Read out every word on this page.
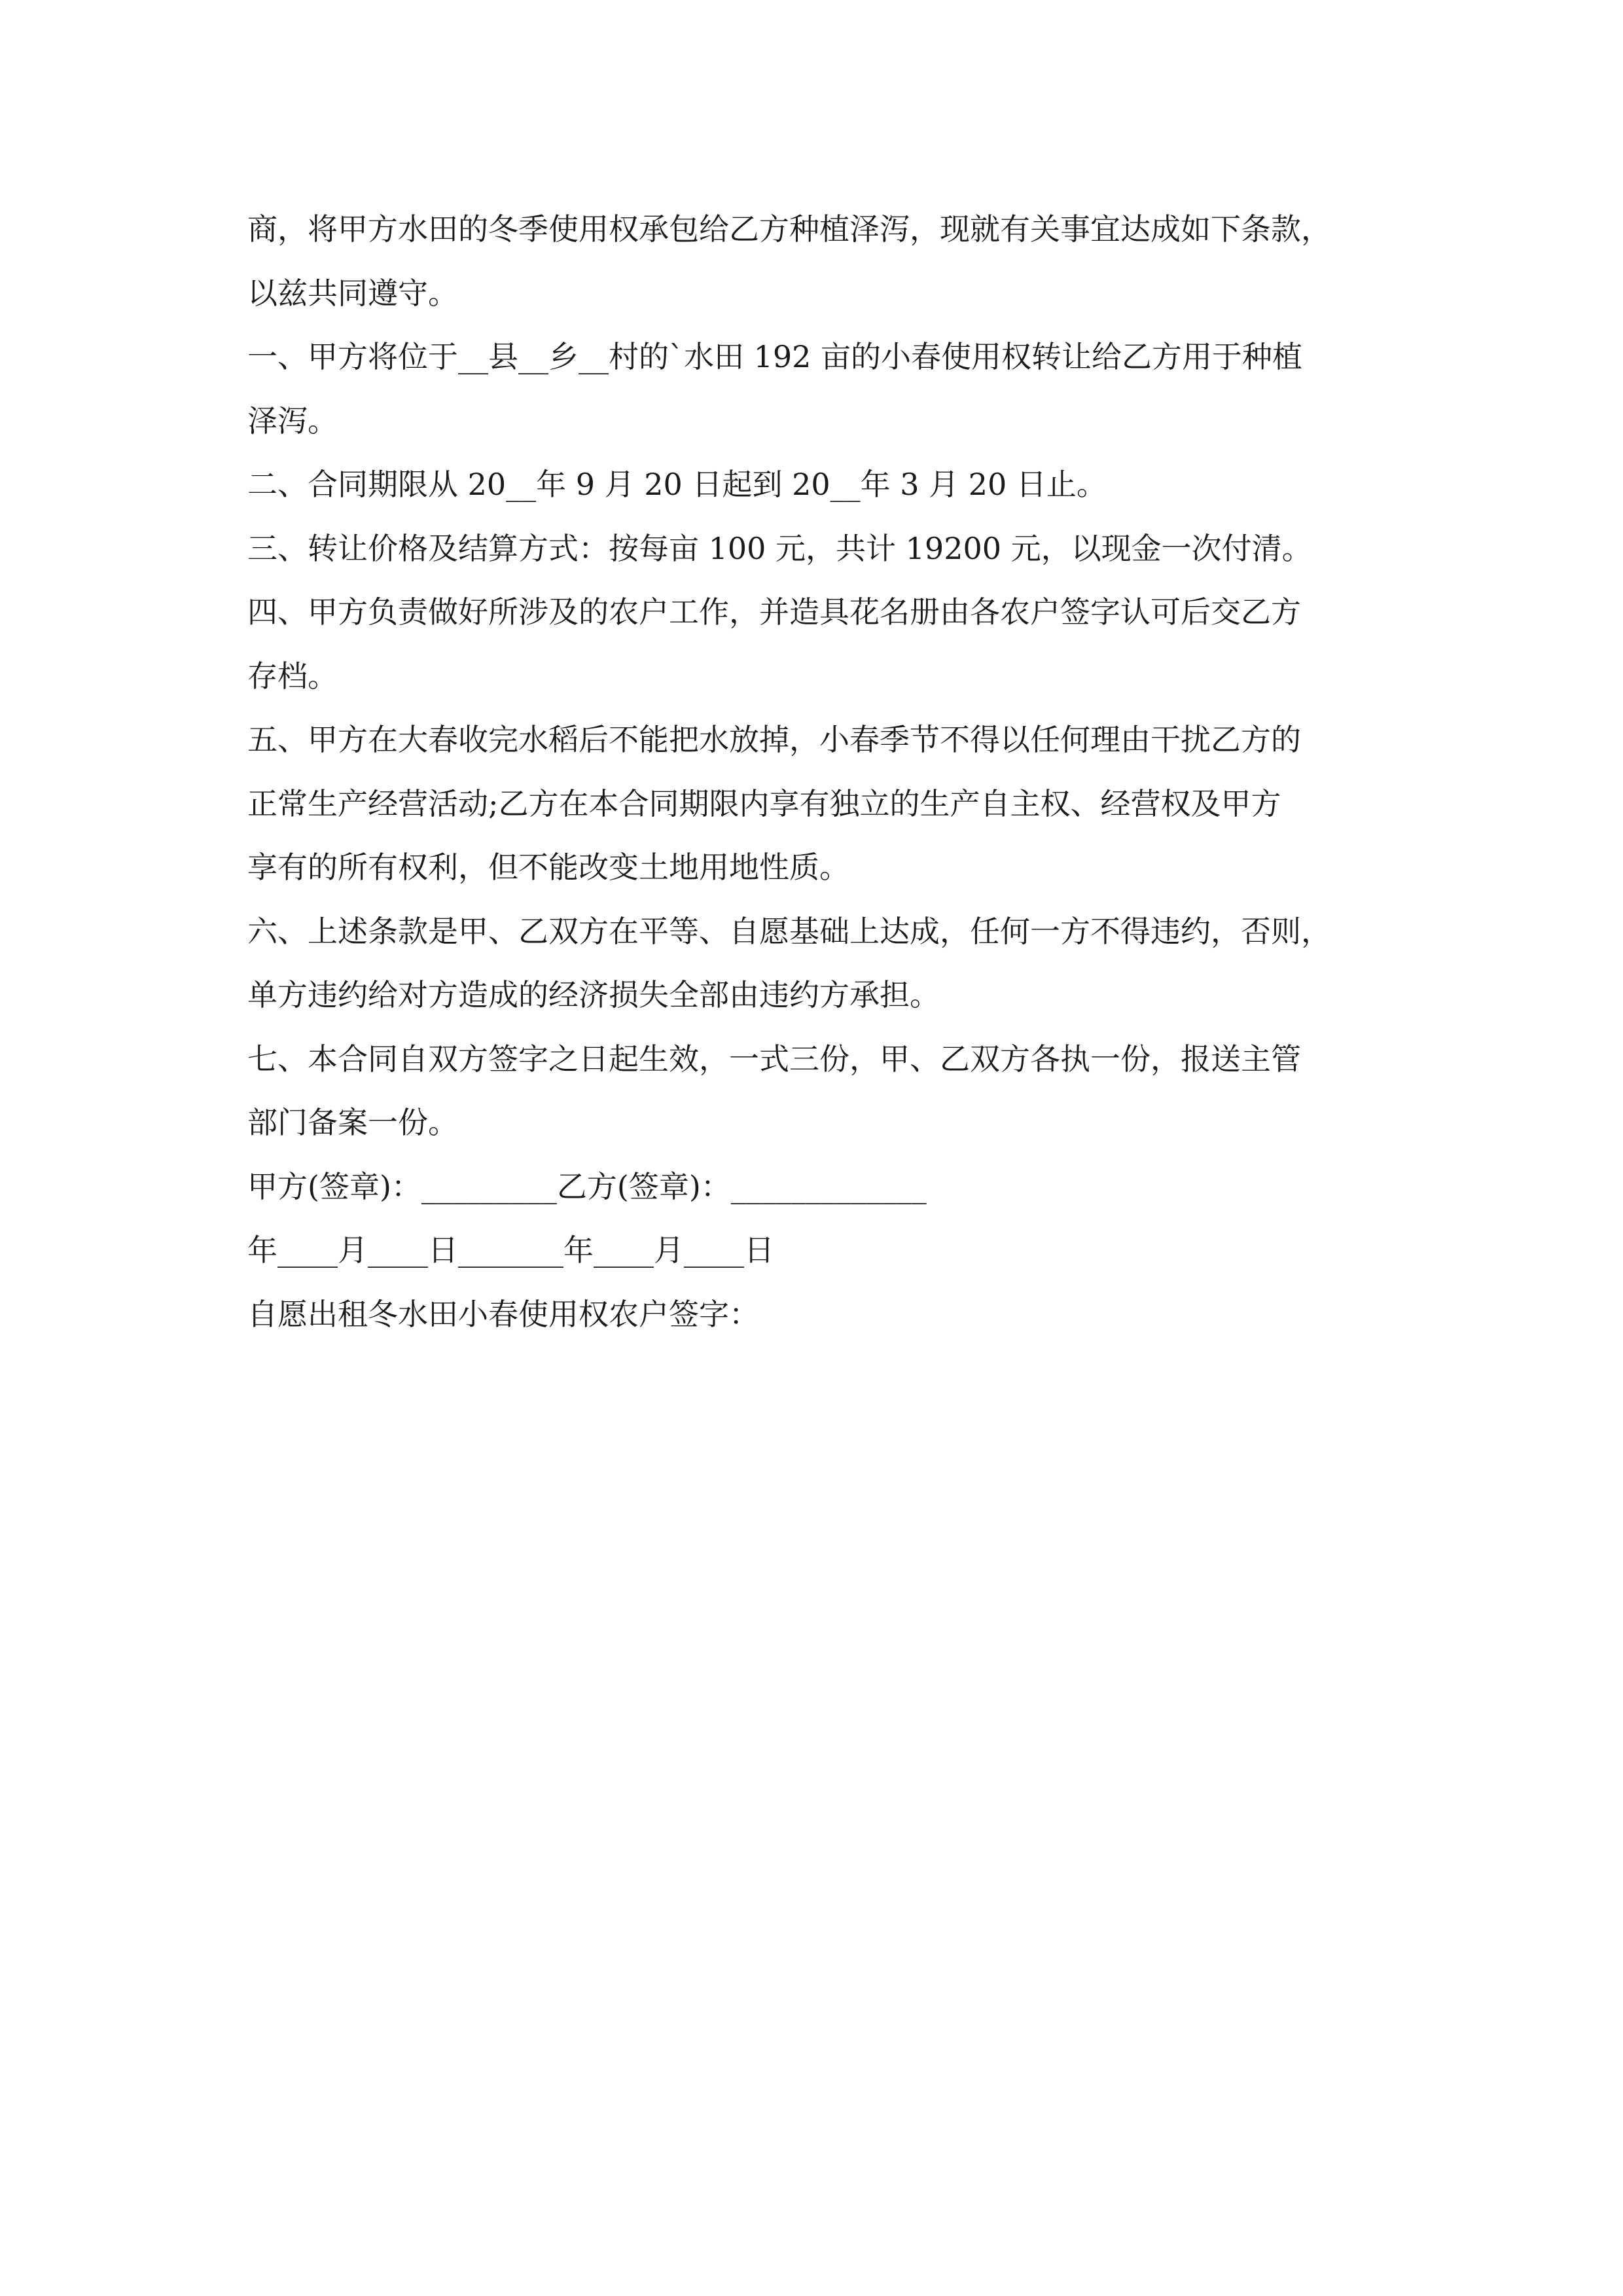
商，将甲方水田的冬季使用权承包给乙方种植泽泻，现就有关事宜达成如下条款，
以兹共同遵守。
一、甲方将位于__县__乡__村的`水田 192 亩的小春使用权转让给乙方用于种植
泽泻。
二、合同期限从 20__年 9 月 20 日起到 20__年 3 月 20 日止。
三、转让价格及结算方式：按每亩 100 元，共计 19200 元，以现金一次付清。
四、甲方负责做好所涉及的农户工作，并造具花名册由各农户签字认可后交乙方
存档。
五、甲方在大春收完水稻后不能把水放掉，小春季节不得以任何理由干扰乙方的
正常生产经营活动;乙方在本合同期限内享有独立的生产自主权、经营权及甲方
享有的所有权利，但不能改变土地用地性质。
六、上述条款是甲、乙双方在平等、自愿基础上达成，任何一方不得违约，否则，
单方违约给对方造成的经济损失全部由违约方承担。
七、本合同自双方签字之日起生效，一式三份，甲、乙双方各执一份，报送主管
部门备案一份。
甲方(签章)：_________乙方(签章)：_____________
年____月____日_______年____月____日
自愿出租冬水田小春使用权农户签字：
